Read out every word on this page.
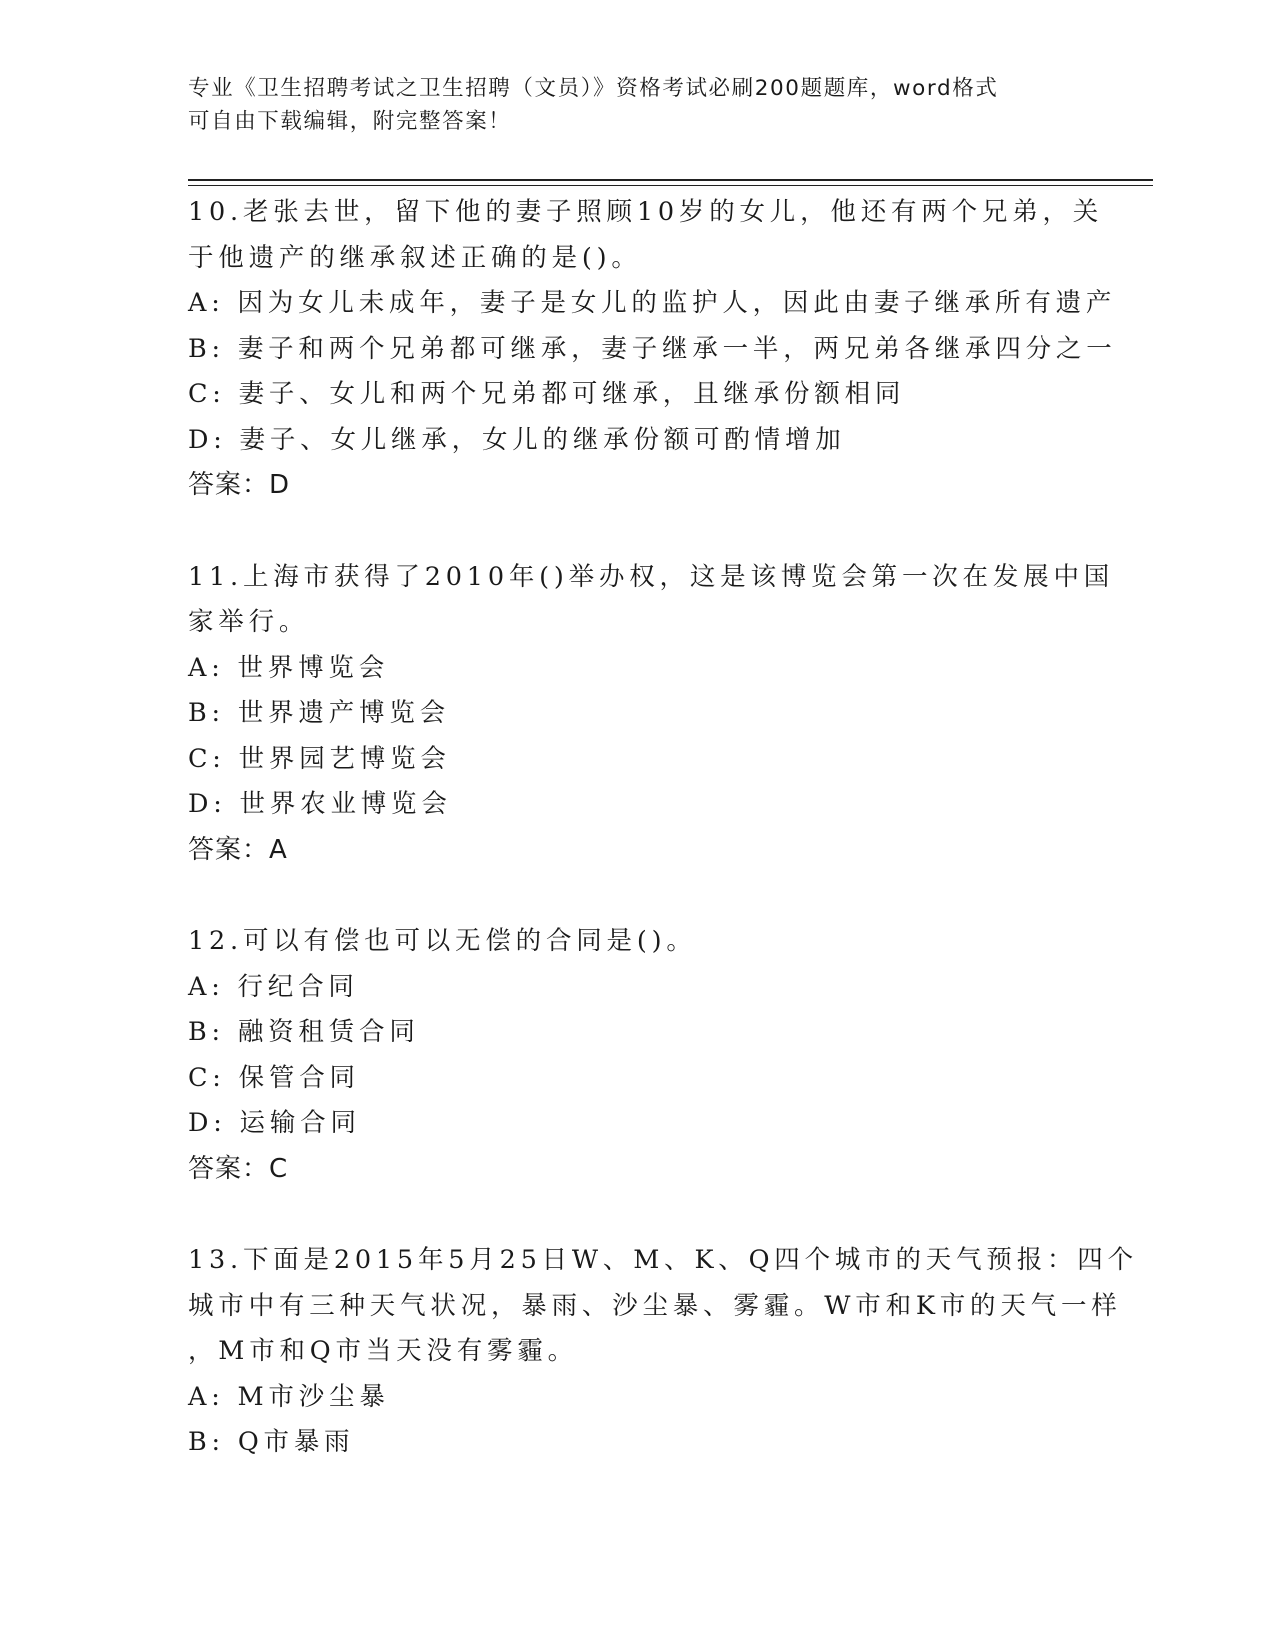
专业《卫生招聘考试之卫生招聘（文员）》资格考试必刷200题题库，word格式
可自由下载编辑，附完整答案！
10.老张去世，留下他的妻子照顾10岁的女儿，他还有两个兄弟，关
于他遗产的继承叙述正确的是()。
A: 因为女儿未成年，妻子是女儿的监护人，因此由妻子继承所有遗产
B: 妻子和两个兄弟都可继承，妻子继承一半，两兄弟各继承四分之一
C: 妻子、女儿和两个兄弟都可继承，且继承份额相同
D: 妻子、女儿继承，女儿的继承份额可酌情增加
答案：D
11.上海市获得了2010年()举办权，这是该博览会第一次在发展中国
家举行。
A: 世界博览会
B: 世界遗产博览会
C: 世界园艺博览会
D: 世界农业博览会
答案：A
12.可以有偿也可以无偿的合同是()。
A: 行纪合同
B: 融资租赁合同
C: 保管合同
D: 运输合同
答案：C
13.下面是2015年5月25日W、M、K、Q四个城市的天气预报：四个
城市中有三种天气状况，暴雨、沙尘暴、雾霾。W市和K市的天气一样
，M市和Q市当天没有雾霾。
A: M市沙尘暴
B: Q市暴雨
